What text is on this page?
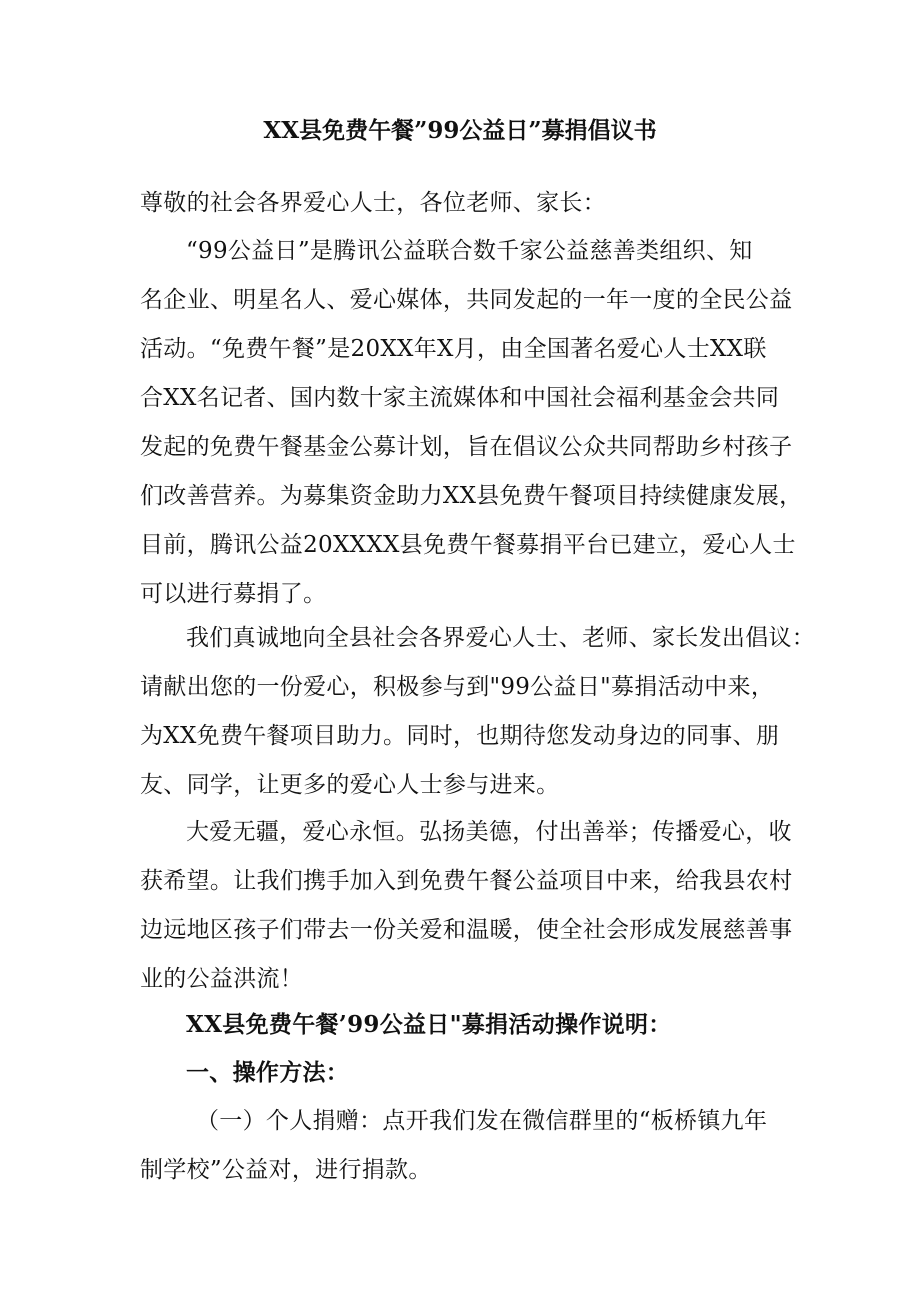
XX县免费午餐”99公益日”募捐倡议书
尊敬的社会各界爱心人士，各位老师、家长：
“99公益日”是腾讯公益联合数千家公益慈善类组织、知
名企业、明星名人、爱心媒体，共同发起的一年一度的全民公益
活动。“免费午餐”是20XX年X月，由全国著名爱心人士XX联
合XX名记者、国内数十家主流媒体和中国社会福利基金会共同
发起的免费午餐基金公募计划，旨在倡议公众共同帮助乡村孩子
们改善营养。为募集资金助力XX县免费午餐项目持续健康发展，
目前，腾讯公益20XXXX县免费午餐募捐平台已建立，爱心人士
可以进行募捐了。
我们真诚地向全县社会各界爱心人士、老师、家长发出倡议：
请献出您的一份爱心，积极参与到"99公益日"募捐活动中来，
为XX免费午餐项目助力。同时，也期待您发动身边的同事、朋
友、同学，让更多的爱心人士参与进来。
大爱无疆，爱心永恒。弘扬美德，付出善举；传播爱心，收
获希望。让我们携手加入到免费午餐公益项目中来，给我县农村
边远地区孩子们带去一份关爱和温暖，使全社会形成发展慈善事
业的公益洪流！
XX县免费午餐’99公益日"募捐活动操作说明：
一、操作方法：
（一）个人捐赠：点开我们发在微信群里的“板桥镇九年
制学校”公益对，进行捐款。
